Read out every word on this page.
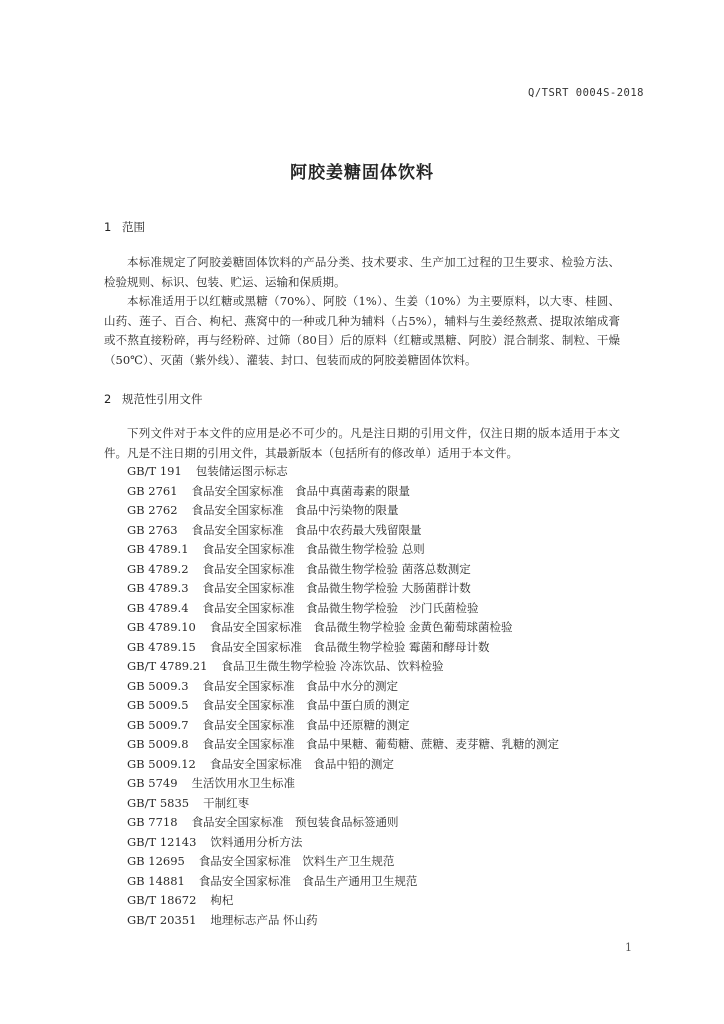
Q/TSRT 0004S-2018
阿胶姜糖固体饮料
1 范围
本标准规定了阿胶姜糖固体饮料的产品分类、技术要求、生产加工过程的卫生要求、检验方法、检验规则、标识、包装、贮运、运输和保质期。
本标准适用于以红糖或黑糖（70%）、阿胶（1%）、生姜（10%）为主要原料，以大枣、桂圆、山药、莲子、百合、枸杞、燕窝中的一种或几种为辅料（占5%），辅料与生姜经熬煮、提取浓缩成膏或不熬直接粉碎，再与经粉碎、过筛（80目）后的原料（红糖或黑糖、阿胶）混合制浆、制粒、干燥（50℃）、灭菌（紫外线）、灌装、封口、包装而成的阿胶姜糖固体饮料。
2 规范性引用文件
下列文件对于本文件的应用是必不可少的。凡是注日期的引用文件，仅注日期的版本适用于本文件。凡是不注日期的引用文件，其最新版本（包括所有的修改单）适用于本文件。
GB/T 191 包装储运图示标志
GB 2761 食品安全国家标准　食品中真菌毒素的限量
GB 2762 食品安全国家标准　食品中污染物的限量
GB 2763 食品安全国家标准　食品中农药最大残留限量
GB 4789.1 食品安全国家标准　食品微生物学检验 总则
GB 4789.2 食品安全国家标准　食品微生物学检验 菌落总数测定
GB 4789.3 食品安全国家标准　食品微生物学检验 大肠菌群计数
GB 4789.4 食品安全国家标准　食品微生物学检验　沙门氏菌检验
GB 4789.10 食品安全国家标准　食品微生物学检验 金黄色葡萄球菌检验
GB 4789.15 食品安全国家标准　食品微生物学检验 霉菌和酵母计数
GB/T 4789.21 食品卫生微生物学检验 冷冻饮品、饮料检验
GB 5009.3 食品安全国家标准　食品中水分的测定
GB 5009.5 食品安全国家标准　食品中蛋白质的测定
GB 5009.7 食品安全国家标准　食品中还原糖的测定
GB 5009.8 食品安全国家标准　食品中果糖、葡萄糖、蔗糖、麦芽糖、乳糖的测定
GB 5009.12 食品安全国家标准　食品中铅的测定
GB 5749 生活饮用水卫生标准
GB/T 5835 干制红枣
GB 7718 食品安全国家标准　预包装食品标签通则
GB/T 12143 饮料通用分析方法
GB 12695 食品安全国家标准　饮料生产卫生规范
GB 14881 食品安全国家标准　食品生产通用卫生规范
GB/T 18672 枸杞
GB/T 20351 地理标志产品 怀山药
1
